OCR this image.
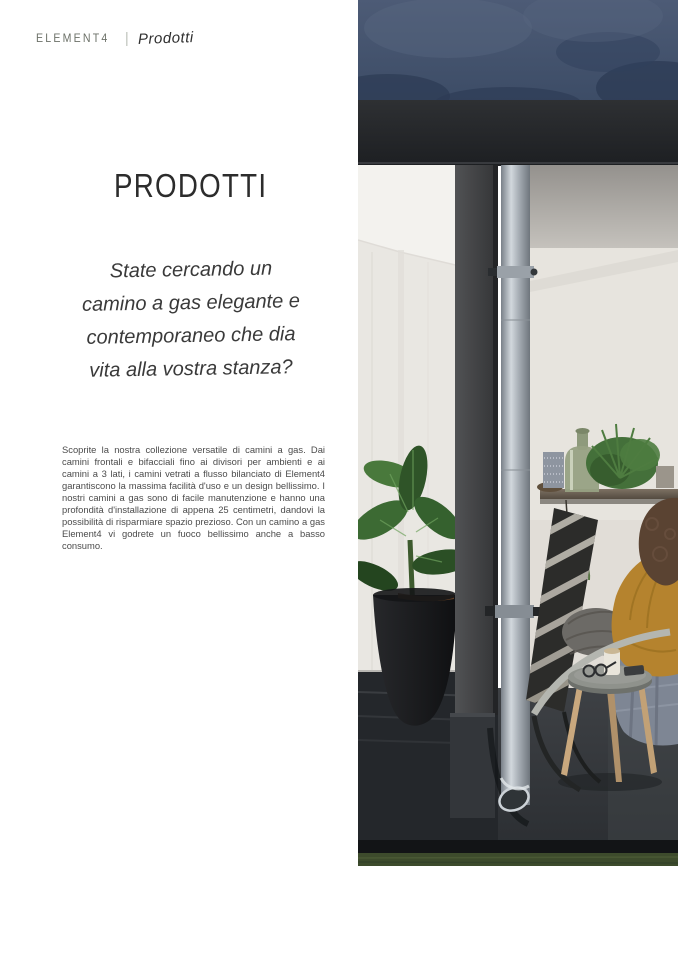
ELEMENT4 | Prodotti
PRODOTTI
State cercando un
camino a gas elegante e
contemporaneo che dia
vita alla vostra stanza?
Scoprite la nostra collezione versatile di camini a gas. Dai camini frontali e bifacciali fino ai divisori per ambienti e ai camini a 3 lati, i camini vetrati a flusso bilanciato di Element4 garantiscono la massima facilità d'uso e un design bellissimo. I nostri camini a gas sono di facile manutenzione e hanno una profondità d'installazione di appena 25 centimetri, dandovi la possibilità di risparmiare spazio prezioso. Con un camino a gas Element4 vi godrete un fuoco bellissimo anche a basso consumo.
